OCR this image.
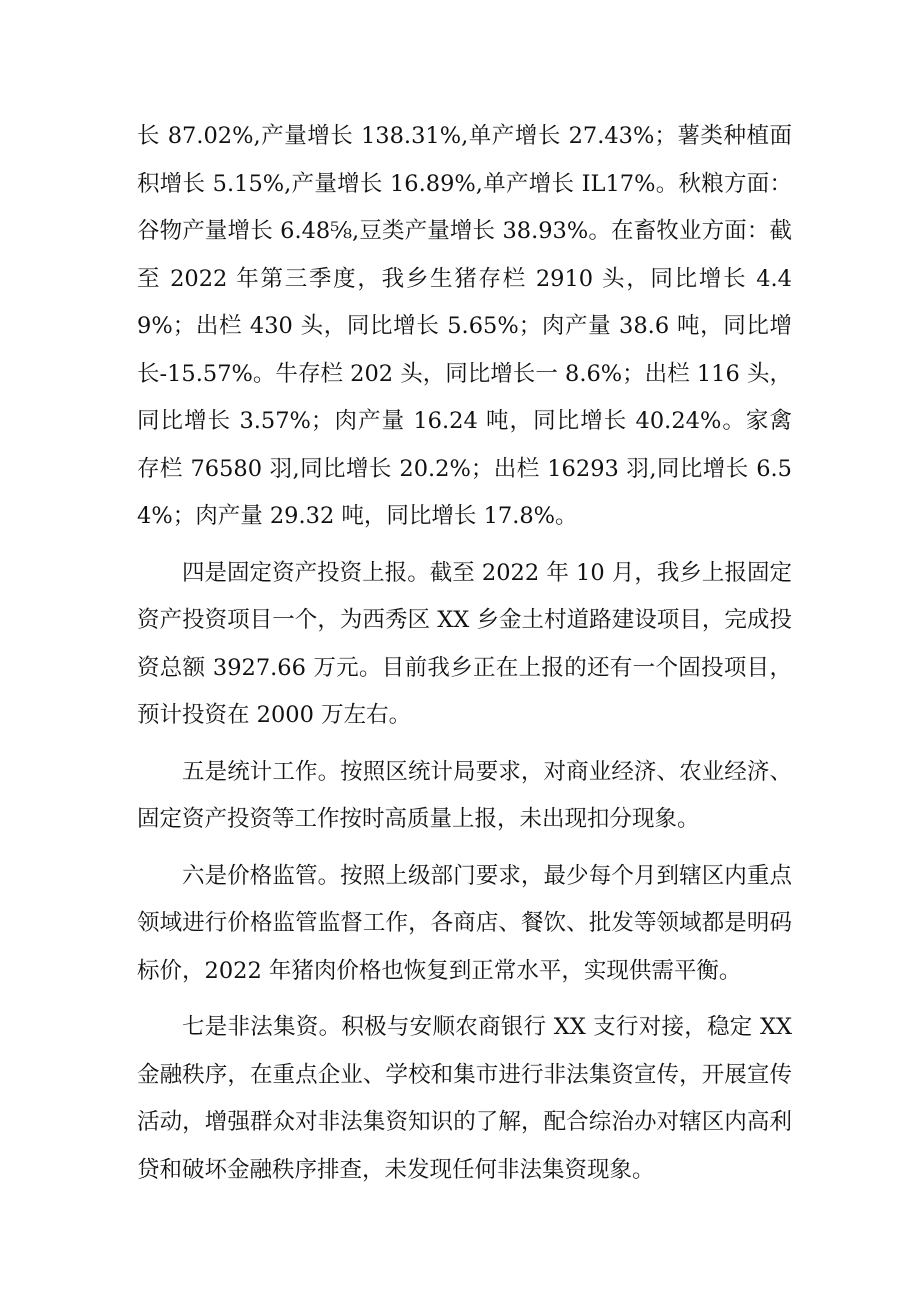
长 87.02%,产量增长 138.31%,单产增长 27.43%；薯类种植面积增长 5.15%,产量增长 16.89%,单产增长 IL17%。秋粮方面：谷物产量增长 6.48⅝,豆类产量增长 38.93%。在畜牧业方面：截至 2022 年第三季度，我乡生猪存栏 2910 头，同比增长 4.49%；出栏 430 头，同比增长 5.65%；肉产量 38.6 吨，同比增长-15.57%。牛存栏 202 头，同比增长一 8.6%；出栏 116 头，同比增长 3.57%；肉产量 16.24 吨，同比增长 40.24%。家禽存栏 76580 羽,同比增长 20.2%；出栏 16293 羽,同比增长 6.54%；肉产量 29.32 吨，同比增长 17.8%。

四是固定资产投资上报。截至 2022 年 10 月，我乡上报固定资产投资项目一个，为西秀区 XX 乡金土村道路建设项目，完成投资总额 3927.66 万元。目前我乡正在上报的还有一个固投项目，预计投资在 2000 万左右。

五是统计工作。按照区统计局要求，对商业经济、农业经济、固定资产投资等工作按时高质量上报，未出现扣分现象。

六是价格监管。按照上级部门要求，最少每个月到辖区内重点领域进行价格监管监督工作，各商店、餐饮、批发等领域都是明码标价，2022 年猪肉价格也恢复到正常水平，实现供需平衡。

七是非法集资。积极与安顺农商银行 XX 支行对接，稳定 XX 金融秩序，在重点企业、学校和集市进行非法集资宣传，开展宣传活动，增强群众对非法集资知识的了解，配合综治办对辖区内高利贷和破坏金融秩序排查，未发现任何非法集资现象。
